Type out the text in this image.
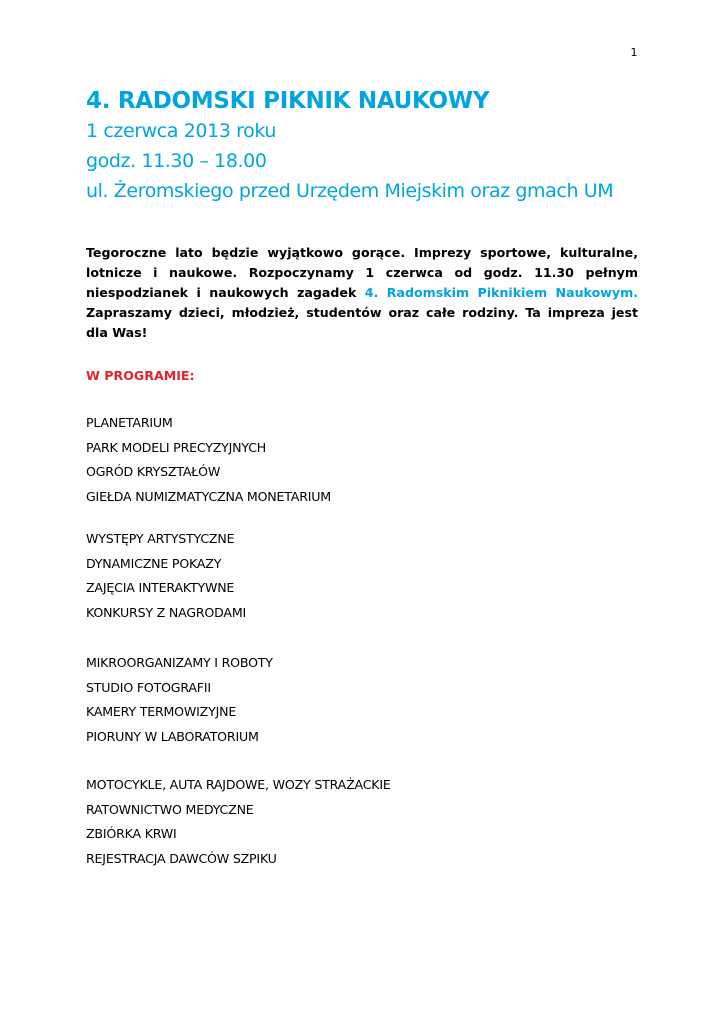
1
4. RADOMSKI PIKNIK NAUKOWY
1 czerwca 2013 roku
godz. 11.30 – 18.00
ul. Żeromskiego przed Urzędem Miejskim oraz gmach UM

Tegoroczne lato będzie wyjątkowo gorące. Imprezy sportowe, kulturalne, lotnicze i naukowe. Rozpoczynamy 1 czerwca od godz. 11.30 pełnym niespodzianek i naukowych zagadek 4. Radomskim Piknikiem Naukowym. Zapraszamy dzieci, młodzież, studentów oraz całe rodziny. Ta impreza jest dla Was!

W PROGRAMIE:
PLANETARIUM
PARK MODELI PRECYZYJNYCH
OGRÓD KRYSZTAŁÓW
GIEŁDA NUMIZMATYCZNA MONETARIUM
WYSTĘPY ARTYSTYCZNE
DYNAMICZNE POKAZY
ZAJĘCIA INTERAKTYWNE
KONKURSY Z NAGRODAMI
MIKROORGANIZAMY I ROBOTY
STUDIO FOTOGRAFII
KAMERY TERMOWIZYJNE
PIORUNY W LABORATORIUM
MOTOCYKLE, AUTA RAJDOWE, WOZY STRAŻACKIE
RATOWNICTWO MEDYCZNE
ZBIÓRKA KRWI
REJESTRACJA DAWCÓW SZPIKU
